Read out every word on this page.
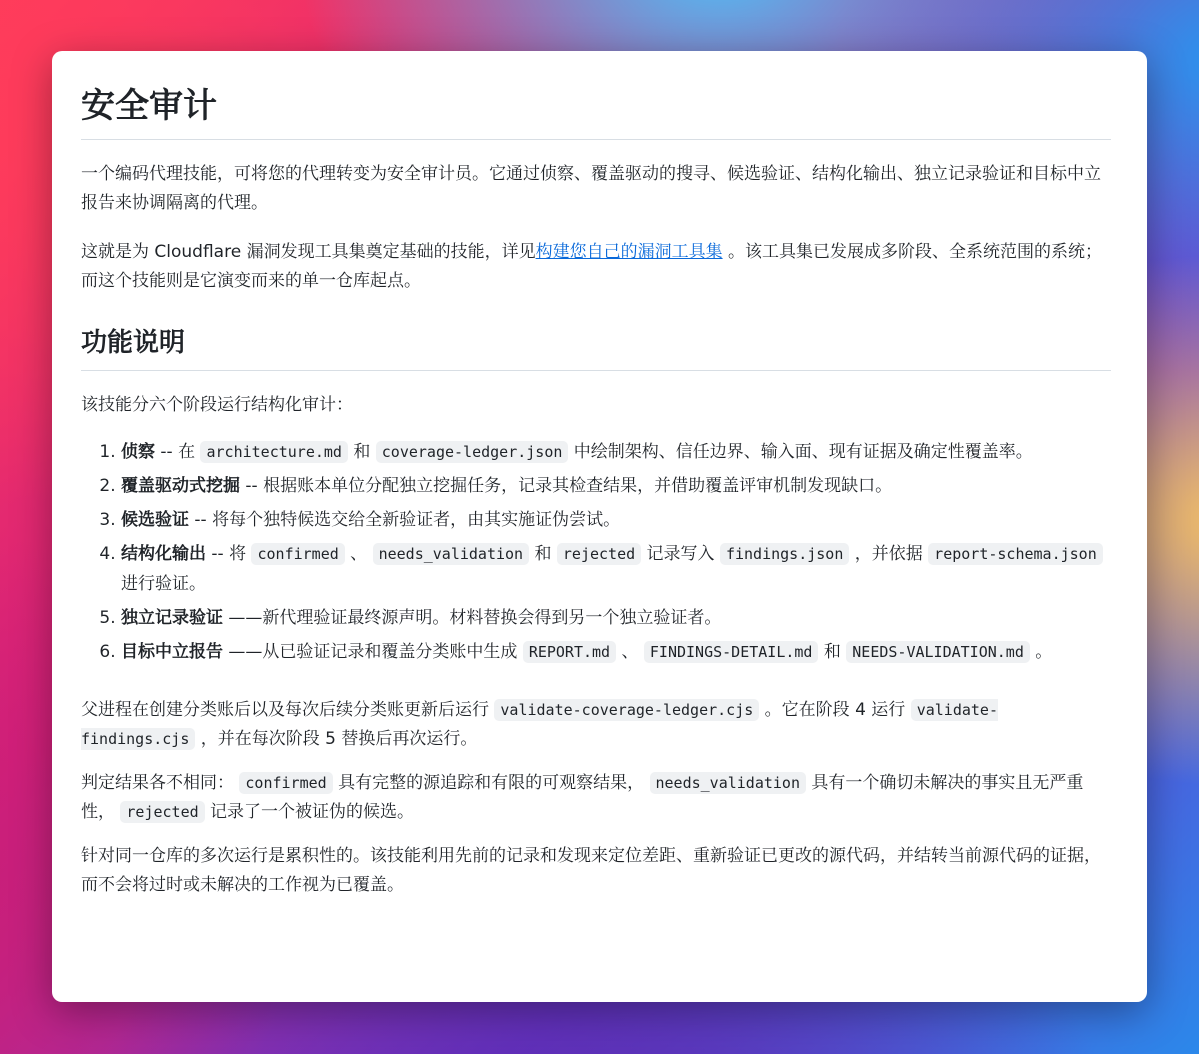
安全审计

一个编码代理技能，可将您的代理转变为安全审计员。它通过侦察、覆盖驱动的搜寻、候选验证、结构化输出、独立记录验证和目标中立报告来协调隔离的代理。

这就是为 Cloudflare 漏洞发现工具集奠定基础的技能，详见构建您自己的漏洞工具集 。该工具集已发展成多阶段、全系统范围的系统；而这个技能则是它演变而来的单一仓库起点。

功能说明

该技能分六个阶段运行结构化审计：

1. 侦察 -- 在 architecture.md 和 coverage-ledger.json 中绘制架构、信任边界、输入面、现有证据及确定性覆盖率。
2. 覆盖驱动式挖掘 -- 根据账本单位分配独立挖掘任务，记录其检查结果，并借助覆盖评审机制发现缺口。
3. 候选验证 -- 将每个独特候选交给全新验证者，由其实施证伪尝试。
4. 结构化输出 -- 将 confirmed 、 needs_validation 和 rejected 记录写入 findings.json ，并依据 report-schema.json 进行验证。
5. 独立记录验证 ——新代理验证最终源声明。材料替换会得到另一个独立验证者。
6. 目标中立报告 ——从已验证记录和覆盖分类账中生成 REPORT.md 、 FINDINGS-DETAIL.md 和 NEEDS-VALIDATION.md 。

父进程在创建分类账后以及每次后续分类账更新后运行 validate-coverage-ledger.cjs 。它在阶段 4 运行 validate-findings.cjs ，并在每次阶段 5 替换后再次运行。

判定结果各不相同： confirmed 具有完整的源追踪和有限的可观察结果， needs_validation 具有一个确切未解决的事实且无严重性， rejected 记录了一个被证伪的候选。

针对同一仓库的多次运行是累积性的。该技能利用先前的记录和发现来定位差距、重新验证已更改的源代码，并结转当前源代码的证据，而不会将过时或未解决的工作视为已覆盖。
